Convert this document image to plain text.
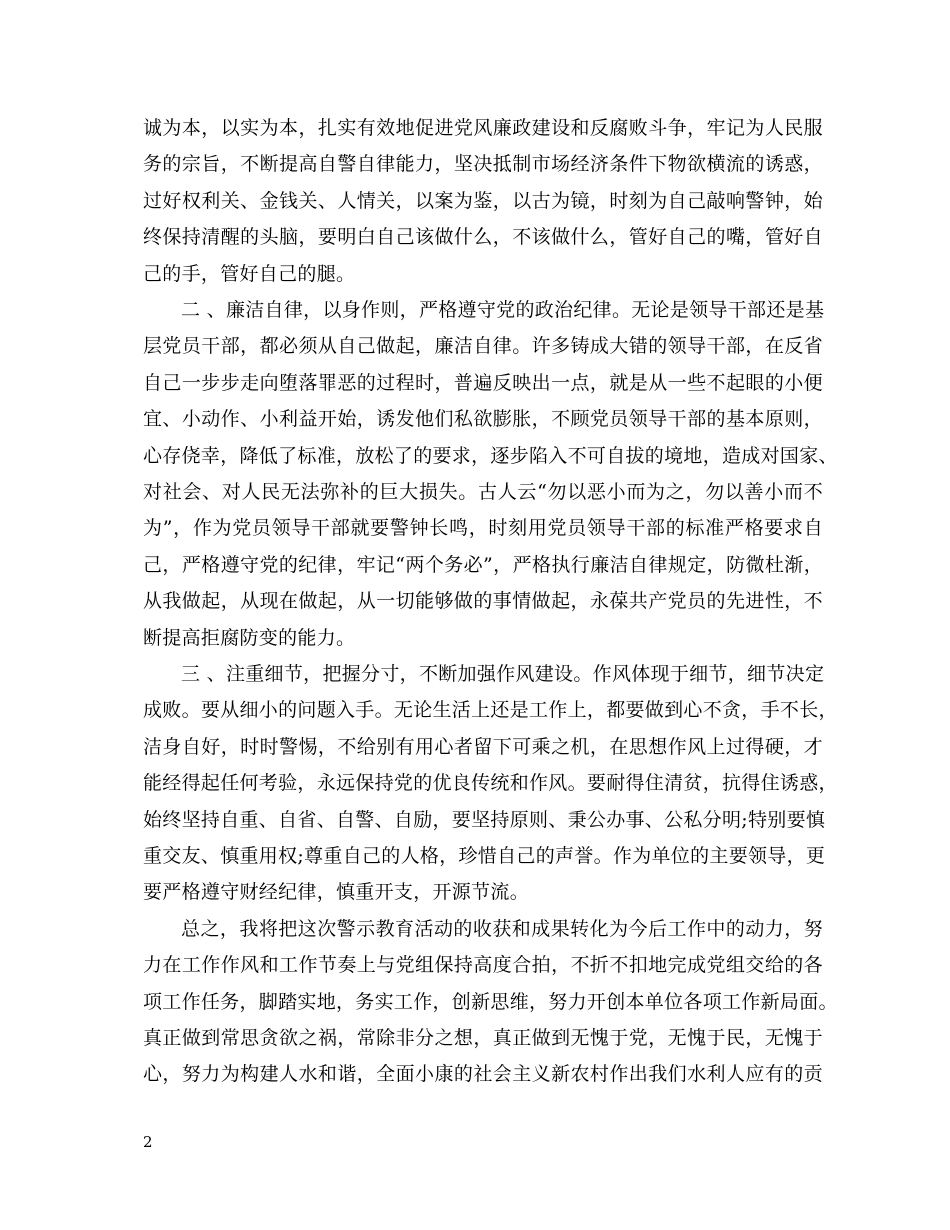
诚为本，以实为本，扎实有效地促进党风廉政建设和反腐败斗争，牢记为人民服
务的宗旨，不断提高自警自律能力，坚决抵制市场经济条件下物欲横流的诱惑，
过好权利关、金钱关、人情关，以案为鉴，以古为镜，时刻为自己敲响警钟，始
终保持清醒的头脑，要明白自己该做什么，不该做什么，管好自己的嘴，管好自
己的手，管好自己的腿。
二 、廉洁自律，以身作则，严格遵守党的政治纪律。无论是领导干部还是基
层党员干部，都必须从自己做起，廉洁自律。许多铸成大错的领导干部，在反省
自己一步步走向堕落罪恶的过程时，普遍反映出一点，就是从一些不起眼的小便
宜、小动作、小利益开始，诱发他们私欲膨胀，不顾党员领导干部的基本原则，
心存侥幸，降低了标准，放松了的要求，逐步陷入不可自拔的境地，造成对国家、
对社会、对人民无法弥补的巨大损失。古人云“勿以恶小而为之，勿以善小而不
为”，作为党员领导干部就要警钟长鸣，时刻用党员领导干部的标准严格要求自
己，严格遵守党的纪律，牢记“两个务必”，严格执行廉洁自律规定，防微杜渐，
从我做起，从现在做起，从一切能够做的事情做起，永葆共产党员的先进性，不
断提高拒腐防变的能力。
三 、注重细节，把握分寸，不断加强作风建设。作风体现于细节，细节决定
成败。要从细小的问题入手。无论生活上还是工作上，都要做到心不贪，手不长，
洁身自好，时时警惕，不给别有用心者留下可乘之机，在思想作风上过得硬，才
能经得起任何考验，永远保持党的优良传统和作风。要耐得住清贫，抗得住诱惑，
始终坚持自重、自省、自警、自励，要坚持原则、秉公办事、公私分明;特别要慎
重交友、慎重用权;尊重自己的人格，珍惜自己的声誉。作为单位的主要领导，更
要严格遵守财经纪律，慎重开支，开源节流。
总之，我将把这次警示教育活动的收获和成果转化为今后工作中的动力，努
力在工作作风和工作节奏上与党组保持高度合拍，不折不扣地完成党组交给的各
项工作任务，脚踏实地，务实工作，创新思维，努力开创本单位各项工作新局面。
真正做到常思贪欲之祸，常除非分之想，真正做到无愧于党，无愧于民，无愧于
心，努力为构建人水和谐，全面小康的社会主义新农村作出我们水利人应有的贡
2
